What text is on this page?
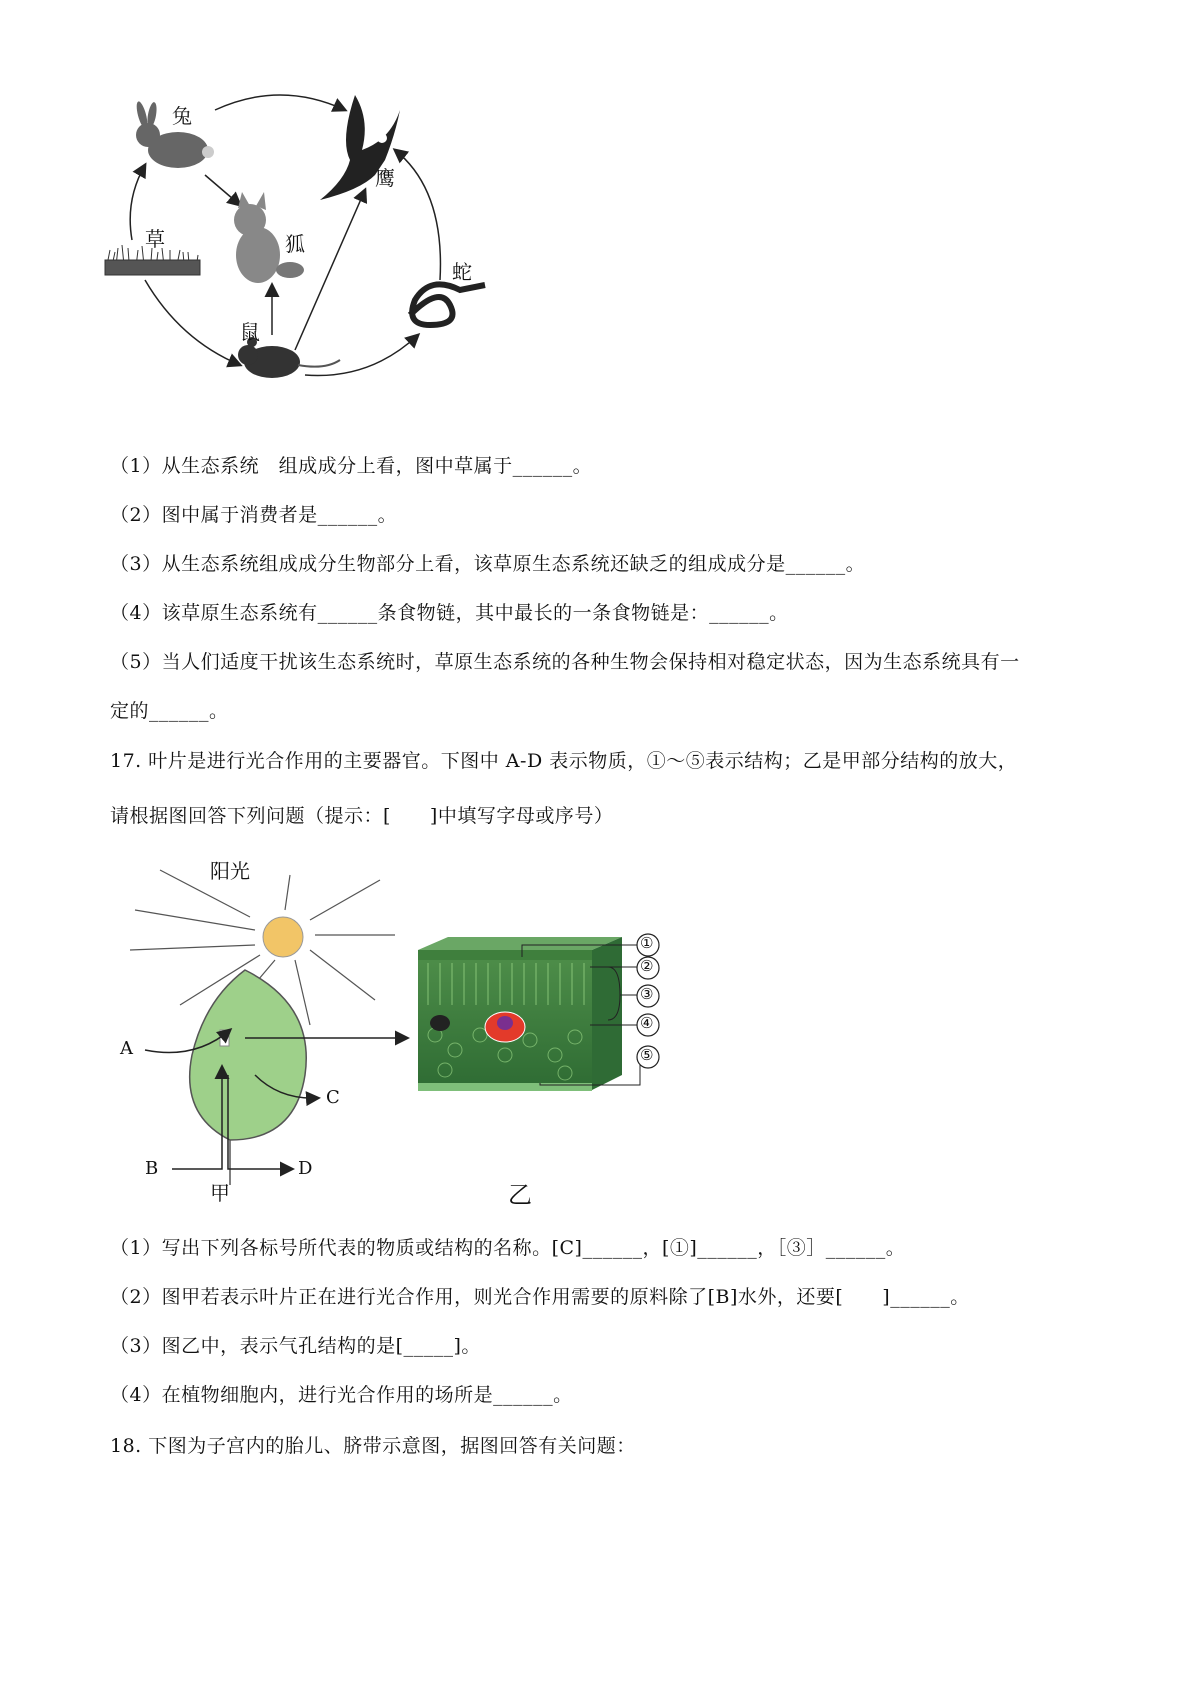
兔
鹰
草	狐
蛇
鼠
（1）从生态系统　组成成分上看，图中草属于______。
（2）图中属于消费者是______。
（3）从生态系统组成成分生物部分上看，该草原生态系统还缺乏的组成成分是______。
（4）该草原生态系统有______条食物链，其中最长的一条食物链是：______。
（5）当人们适度干扰该生态系统时，草原生态系统的各种生物会保持相对稳定状态，因为生态系统具有一
定的______。
17. 叶片是进行光合作用的主要器官。下图中 A-D 表示物质，①～⑤表示结构；乙是甲部分结构的放大，
请根据图回答下列问题（提示：[　　]中填写字母或序号）
阳光
A
C
B	D
甲	乙
①
②
③
④
⑤
（1）写出下列各标号所代表的物质或结构的名称。[C]______，[①]______，［③］______。
（2）图甲若表示叶片正在进行光合作用，则光合作用需要的原料除了[B]水外，还要[　　]______。
（3）图乙中，表示气孔结构的是[_____]。
（4）在植物细胞内，进行光合作用的场所是______。
18. 下图为子宫内的胎儿、脐带示意图，据图回答有关问题：
